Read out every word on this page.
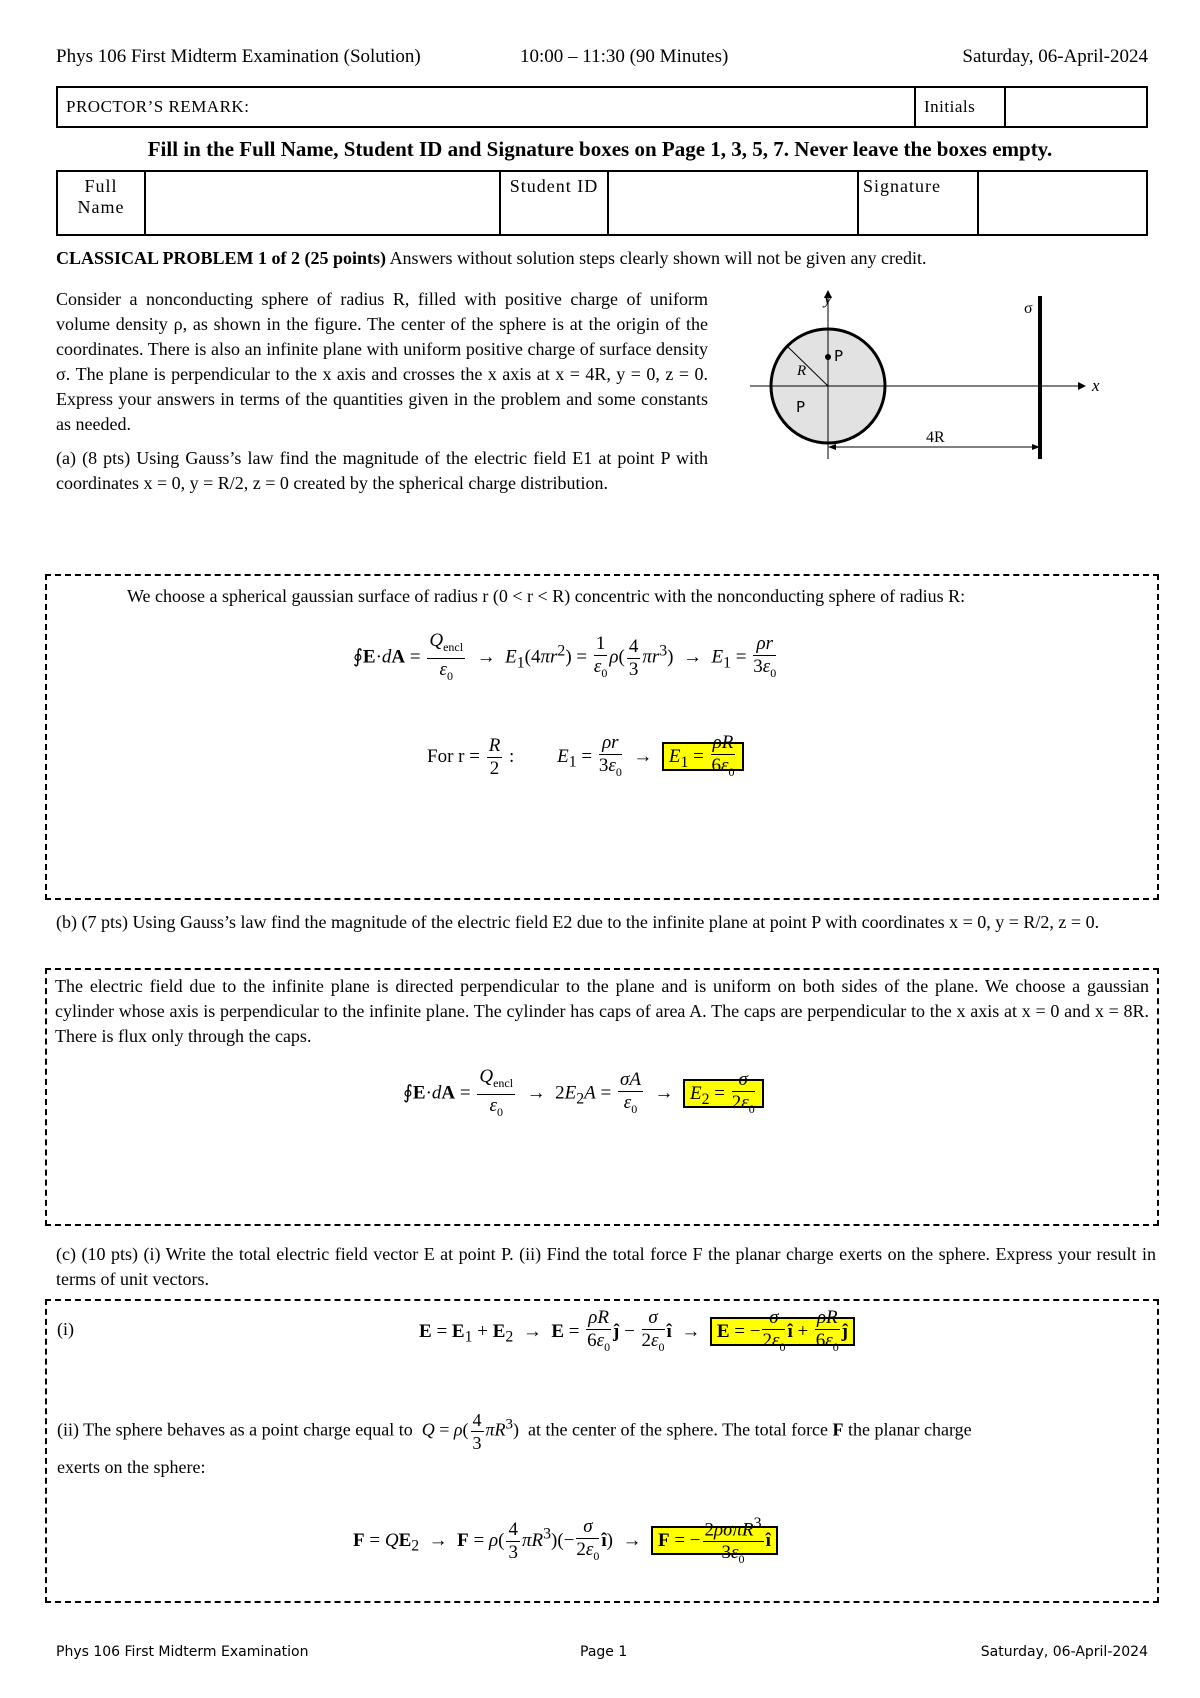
Phys 106 First Midterm Examination (Solution)	10:00 – 11:30 (90 Minutes)	Saturday, 06-April-2024
PROCTOR’S REMARK:	Initials
Fill in the Full Name, Student ID and Signature boxes on Page 1, 3, 5, 7. Never leave the boxes empty.
Full Name		Student ID		Signature	
CLASSICAL PROBLEM 1 of 2 (25 points) Answers without solution steps clearly shown will not be given any credit.
Consider a nonconducting sphere of radius R, filled with positive charge of uniform volume density ρ, as shown in the figure. The center of the sphere is at the origin of the coordinates. There is also an infinite plane with uniform positive charge of surface density σ. The plane is perpendicular to the x axis and crosses the x axis at x = 4R, y = 0, z = 0. Express your answers in terms of the quantities given in the problem and some constants as needed.
(a) (8 pts) Using Gauss’s law find the magnitude of the electric field E1 at point P with coordinates x = 0, y = R/2, z = 0 created by the spherical charge distribution.
y
x
σ
R
P
P
4R
We choose a spherical gaussian surface of radius r (0 < r < R) concentric with the nonconducting sphere of radius R:
∮E·dA = $\frac{Q_{encl}}{\varepsilon_0} \to E_1(4\pi r^2) = \frac{1}{\varepsilon_0} \rho( \frac{4}{3} \pi r^3) \to E_1 = \frac{\rho r}{3\varepsilon_0}$
For $r = \frac{R}{2}$ :         $E_1 = \frac{\rho r}{3\varepsilon_0} \to E_1 = \frac{\rho R}{6\varepsilon_0}$
(b) (7 pts) Using Gauss’s law find the magnitude of the electric field E2 due to the infinite plane at point P with coordinates x = 0, y = R/2, z = 0.
The electric field due to the infinite plane is directed perpendicular to the plane and is uniform on both sides of the plane. We choose a gaussian cylinder whose axis is perpendicular to the infinite plane. The cylinder has caps of area A. The caps are perpendicular to the x axis at x = 0 and x = 8R. There is flux only through the caps.
∮E·dA = $\frac{Q_{encl}}{\varepsilon_0} \to 2E_2A = \frac{\sigma A}{\varepsilon_0} \to E_2 = \frac{\sigma}{2\varepsilon_0}$
(c) (10 pts) (i) Write the total electric field vector E at point P. (ii) Find the total force F the planar charge exerts on the sphere. Express your result in terms of unit vectors.
(i)	$E = E_1 + E_2 \to E = \frac{\rho R}{6\varepsilon_0}$ ĵ − $\frac{\sigma}{2\varepsilon_0}$ î  →  E = − $\frac{\sigma}{2\varepsilon_0}$ î + $\frac{\rho R}{6\varepsilon_0}$ ĵ
(ii) The sphere behaves as a point charge equal to $Q = \rho( \frac{4}{3} \pi R^3)$  at the center of the sphere. The total force F the planar charge
exerts on the sphere:
$F = QE_2 \to F = \rho( \frac{4}{3} \pi R^3)(- \frac{\sigma}{2\varepsilon_0}$ î)  →  F = − $\frac{2\rho\sigma\pi R^3}{3\varepsilon_0}$ î
Phys 106 First Midterm Examination	Page 1	Saturday, 06-April-2024
